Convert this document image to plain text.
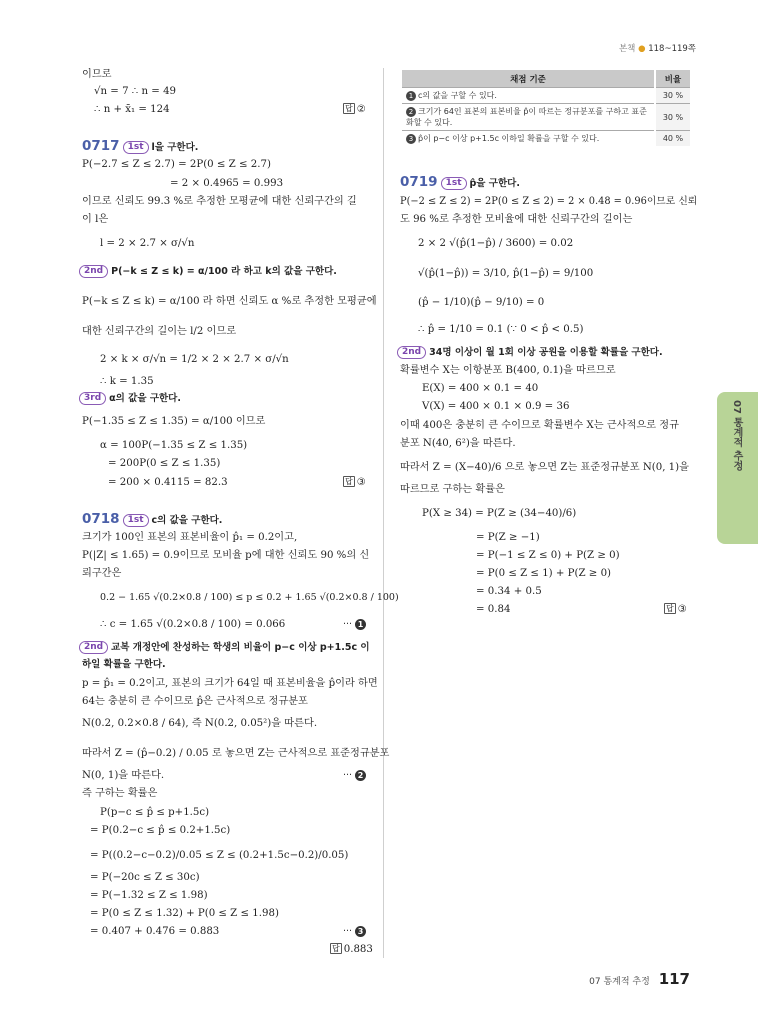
본책 ● 118~119쪽
07 통계적 추정
이므로
√n = 7 ∴ n = 49
∴ n + x̄₁ = 124	답 ②
0717 1st l을 구한다.
P(−2.7 ≤ Z ≤ 2.7) = 2P(0 ≤ Z ≤ 2.7)
= 2 × 0.4965 = 0.993
이므로 신뢰도 99.3 %로 추정한 모평균에 대한 신뢰구간의 길
이 l은
l = 2 × 2.7 × σ/√n
2nd P(−k ≤ Z ≤ k) = α/100 라 하고 k의 값을 구한다.
P(−k ≤ Z ≤ k) = α/100 라 하면 신뢰도 α %로 추정한 모평균에
대한 신뢰구간의 길이는 l/2 이므로
2 × k × σ/√n = 1/2 × 2 × 2.7 × σ/√n
∴ k = 1.35
3rd α의 값을 구한다.
P(−1.35 ≤ Z ≤ 1.35) = α/100 이므로
α = 100P(−1.35 ≤ Z ≤ 1.35)
= 200P(0 ≤ Z ≤ 1.35)
= 200 × 0.4115 = 82.3	답 ③
0718 1st c의 값을 구한다.
크기가 100인 표본의 표본비율이 p̂₁ = 0.2이고,
P(|Z| ≤ 1.65) = 0.9이므로 모비율 p에 대한 신뢰도 90 %의 신
뢰구간은
0.2 − 1.65 √(0.2×0.8 / 100) ≤ p ≤ 0.2 + 1.65 √(0.2×0.8 / 100)
∴ c = 1.65 √(0.2×0.8 / 100) = 0.066	··· 1
2nd 교복 개정안에 찬성하는 학생의 비율이 p−c 이상 p+1.5c 이
하일 확률을 구한다.
p = p̂₁ = 0.2이고, 표본의 크기가 64일 때 표본비율을 p̂이라 하면
64는 충분히 큰 수이므로 p̂은 근사적으로 정규분포
N(0.2, 0.2×0.8 / 64), 즉 N(0.2, 0.05²)을 따른다.
따라서 Z = (p̂−0.2) / 0.05 로 놓으면 Z는 근사적으로 표준정규분포
N(0, 1)을 따른다.	··· 2
즉 구하는 확률은
P(p−c ≤ p̂ ≤ p+1.5c)
= P(0.2−c ≤ p̂ ≤ 0.2+1.5c)
= P((0.2−c−0.2)/0.05 ≤ Z ≤ (0.2+1.5c−0.2)/0.05)
= P(−20c ≤ Z ≤ 30c)
= P(−1.32 ≤ Z ≤ 1.98)
= P(0 ≤ Z ≤ 1.32) + P(0 ≤ Z ≤ 1.98)
= 0.407 + 0.476 = 0.883	··· 3
답 0.883
채점 기준	비율
1 c의 값을 구할 수 있다.	30 %
2 크기가 64인 표본의 표본비율 p̂이 따르는 정규분포를 구하고 표준화할 수 있다.	30 %
3 p̂이 p−c 이상 p+1.5c 이하일 확률을 구할 수 있다.	40 %
0719 1st p̂을 구한다.
P(−2 ≤ Z ≤ 2) = 2P(0 ≤ Z ≤ 2) = 2 × 0.48 = 0.96이므로 신뢰
도 96 %로 추정한 모비율에 대한 신뢰구간의 길이는
2 × 2 √(p̂(1−p̂) / 3600) = 0.02
√(p̂(1−p̂)) = 3/10, p̂(1−p̂) = 9/100
(p̂ − 1/10)(p̂ − 9/10) = 0
∴ p̂ = 1/10 = 0.1 (∵ 0 < p̂ < 0.5)
2nd 34명 이상이 월 1회 이상 공원을 이용할 확률을 구한다.
확률변수 X는 이항분포 B(400, 0.1)을 따르므로
E(X) = 400 × 0.1 = 40
V(X) = 400 × 0.1 × 0.9 = 36
이때 400은 충분히 큰 수이므로 확률변수 X는 근사적으로 정규
분포 N(40, 6²)을 따른다.
따라서 Z = (X−40)/6 으로 놓으면 Z는 표준정규분포 N(0, 1)을
따르므로 구하는 확률은
P(X ≥ 34) = P(Z ≥ (34−40)/6)
= P(Z ≥ −1)
= P(−1 ≤ Z ≤ 0) + P(Z ≥ 0)
= P(0 ≤ Z ≤ 1) + P(Z ≥ 0)
= 0.34 + 0.5
= 0.84	답 ③
07 통계적 추정 117
